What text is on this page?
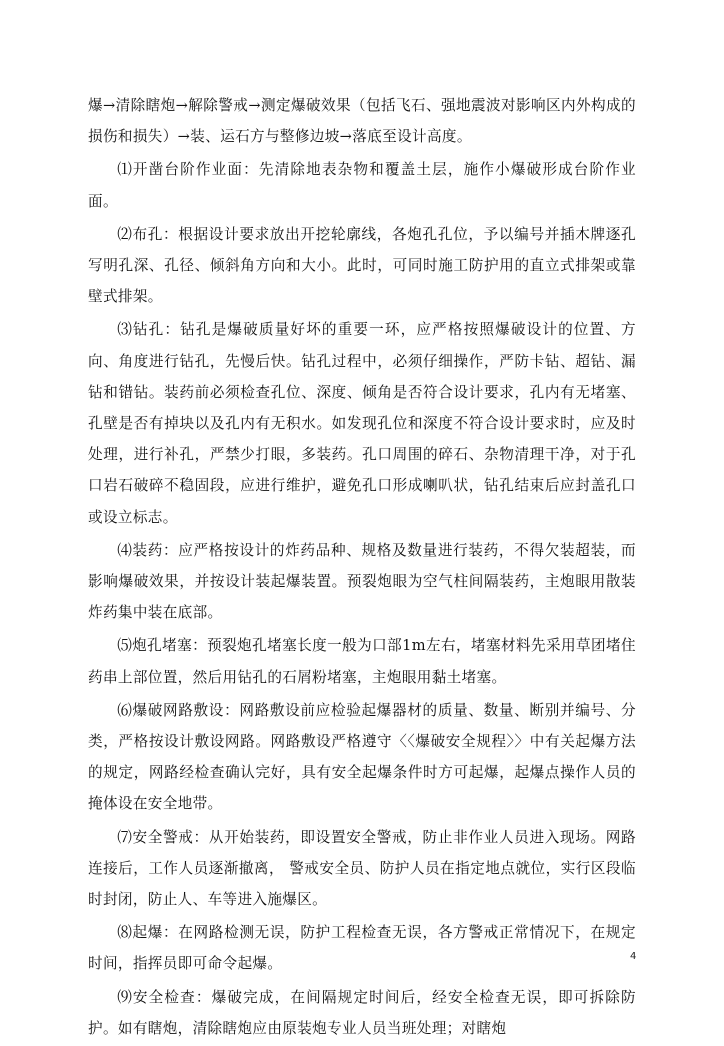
爆→清除瞎炮→解除警戒→测定爆破效果（包括飞石、强地震波对影响区内外构成的损伤和损失）→装、运石方与整修边坡→落底至设计高度。

⑴开凿台阶作业面：先清除地表杂物和覆盖土层，施作小爆破形成台阶作业面。

⑵布孔：根据设计要求放出开挖轮廓线，各炮孔孔位，予以编号并插木牌逐孔写明孔深、孔径、倾斜角方向和大小。此时，可同时施工防护用的直立式排架或靠壁式排架。

⑶钻孔：钻孔是爆破质量好坏的重要一环，应严格按照爆破设计的位置、方向、角度进行钻孔，先慢后快。钻孔过程中，必须仔细操作，严防卡钻、超钻、漏钻和错钻。装药前必须检查孔位、深度、倾角是否符合设计要求，孔内有无堵塞、孔壁是否有掉块以及孔内有无积水。如发现孔位和深度不符合设计要求时，应及时处理，进行补孔，严禁少打眼，多装药。孔口周围的碎石、杂物清理干净，对于孔口岩石破碎不稳固段，应进行维护，避免孔口形成喇叭状，钻孔结束后应封盖孔口或设立标志。

⑷装药：应严格按设计的炸药品种、规格及数量进行装药，不得欠装超装，而影响爆破效果，并按设计装起爆装置。预裂炮眼为空气柱间隔装药，主炮眼用散装炸药集中装在底部。

⑸炮孔堵塞：预裂炮孔堵塞长度一般为口部1m左右，堵塞材料先采用草团堵住药串上部位置，然后用钻孔的石屑粉堵塞，主炮眼用黏土堵塞。

⑹爆破网路敷设：网路敷设前应检验起爆器材的质量、数量、断别并编号、分类，严格按设计敷设网路。网路敷设严格遵守〈〈爆破安全规程〉〉中有关起爆方法的规定，网路经检查确认完好，具有安全起爆条件时方可起爆，起爆点操作人员的掩体设在安全地带。

⑺安全警戒：从开始装药，即设置安全警戒，防止非作业人员进入现场。网路连接后，工作人员逐渐撤离， 警戒安全员、防护人员在指定地点就位，实行区段临时封闭，防止人、车等进入施爆区。

⑻起爆：在网路检测无误，防护工程检查无误，各方警戒正常情况下，在规定时间，指挥员即可命令起爆。

⑼安全检查：爆破完成，在间隔规定时间后，经安全检查无误，即可拆除防护。如有瞎炮，清除瞎炮应由原装炮专业人员当班处理；对瞎炮

4
